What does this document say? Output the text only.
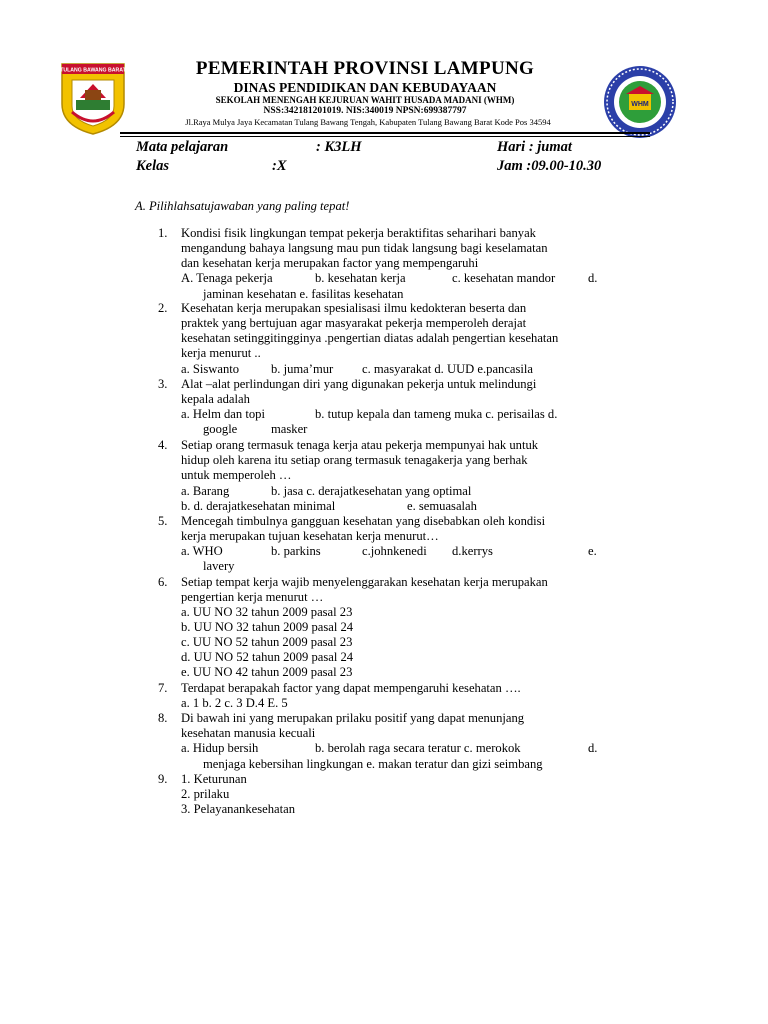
TULANG BAWANG BARAT
WHM
PEMERINTAH PROVINSI LAMPUNG
DINAS PENDIDIKAN DAN KEBUDAYAAN
SEKOLAH MENENGAH KEJURUAN WAHIT HUSADA MADANI (WHM)
NSS:342181201019. NIS:340019 NPSN:699387797
Jl.Raya Mulya Jaya Kecamatan Tulang Bawang Tengah, Kabupaten Tulang Bawang Barat Kode Pos 34594
Mata pelajaran	: K3LH	Hari : jumat
Kelas	:X	Jam :09.00-10.30
A. Pilihlahsatujawaban yang paling tepat!
1. Kondisi fisik lingkungan tempat pekerja beraktifitas sehariharі banyak
mengandung bahaya langsung mau pun tidak langsung bagi keselamatan
dan kesehatan kerja merupakan factor yang mempengaruhi
A. Tenaga pekerja	b. kesehatan kerja	c. kesehatan mandor	d.
jaminan kesehatan e. fasilitas kesehatan
2. Kesehatan kerja merupakan spesialisasi ilmu kedokteran beserta dan
praktek yang bertujuan agar masyarakat pekerja memperoleh derajat
kesehatan setinggitingginya .pengertian diatas adalah pengertian kesehatan
kerja menurut ..
a. Siswanto	b. juma’mur c. masyarakat d. UUD e.pancasila
3. Alat –alat perlindungan diri yang digunakan pekerja untuk melindungi
kepala adalah
a. Helm dan topi	b. tutup kepala dan tameng muka c. perisailas d.
google	masker
4. Setiap orang termasuk tenaga kerja atau pekerja mempunyai hak untuk
hidup oleh karena itu setiap orang termasuk tenagakerja yang berhak
untuk memperoleh …
a. Barang	b. jasa c. derajatkesehatan yang optimal
b. d. derajatkesehatan minimal	e. semuasalah
5. Mencegah timbulnya gangguan kesehatan yang disebabkan oleh kondisi
kerja merupakan tujuan kesehatan kerja menurut…
a. WHO	b. parkins	c.johnkenedi d.kerrys	e.
lavery
6. Setiap tempat kerja wajib menyelenggarakan kesehatan kerja merupakan
pengertian kerja menurut …
a. UU NO 32 tahun 2009 pasal 23
b. UU NO 32 tahun 2009 pasal 24
c. UU NO 52 tahun 2009 pasal 23
d. UU NO 52 tahun 2009 pasal 24
e. UU NO 42 tahun 2009 pasal 23
7. Terdapat berapakah factor yang dapat mempengaruhi kesehatan ….
a. 1 b. 2 c. 3 D.4 E. 5
8. Di bawah ini yang merupakan prilaku positif yang dapat menunjang
kesehatan manusia kecuali
a. Hidup bersih	b. berolah raga secara teratur c. merokok	d.
menjaga kebersihan lingkungan e. makan teratur dan gizi seimbang
9. 1. Keturunan
2. prilaku
3. Pelayanankesehatan
